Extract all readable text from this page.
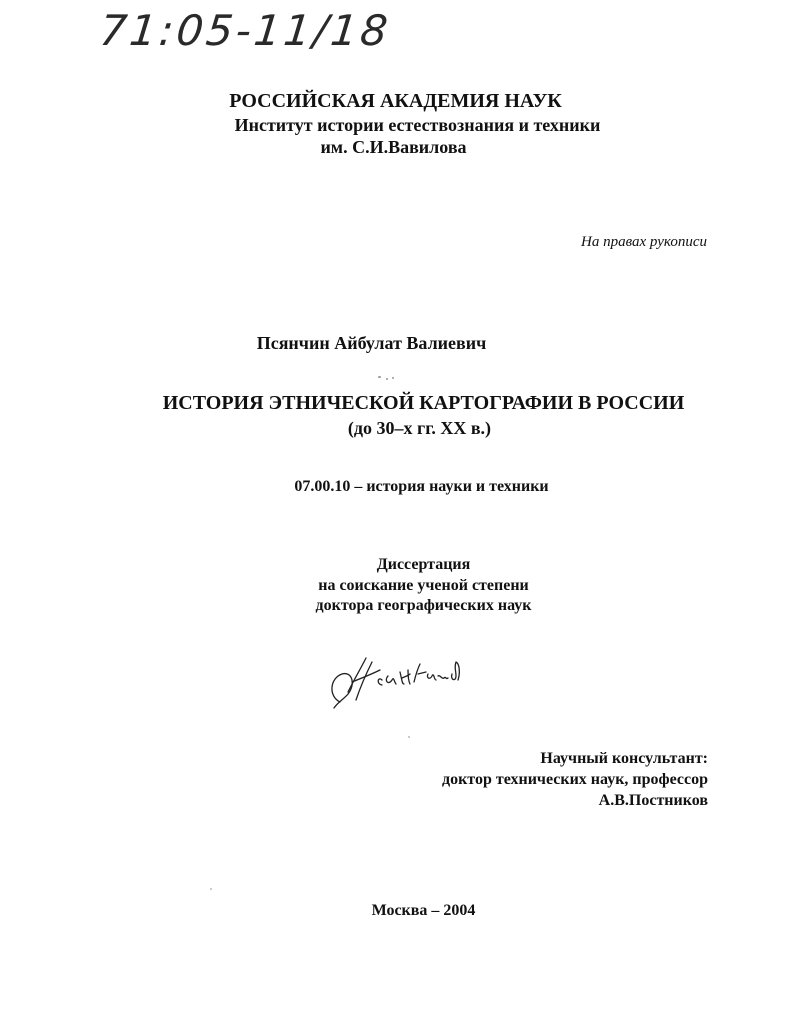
71:05-11/18
РОССИЙСКАЯ АКАДЕМИЯ НАУК
Институт истории естествознания и техники
им. С.И.Вавилова
На правах рукописи
Псянчин Айбулат Валиевич
ИСТОРИЯ ЭТНИЧЕСКОЙ КАРТОГРАФИИ В РОССИИ
(до 30–х гг. XX в.)
07.00.10 – история науки и техники
Диссертация
на соискание ученой степени
доктора географических наук
Научный консультант:
доктор технических наук, профессор
А.В.Постников
Москва – 2004
